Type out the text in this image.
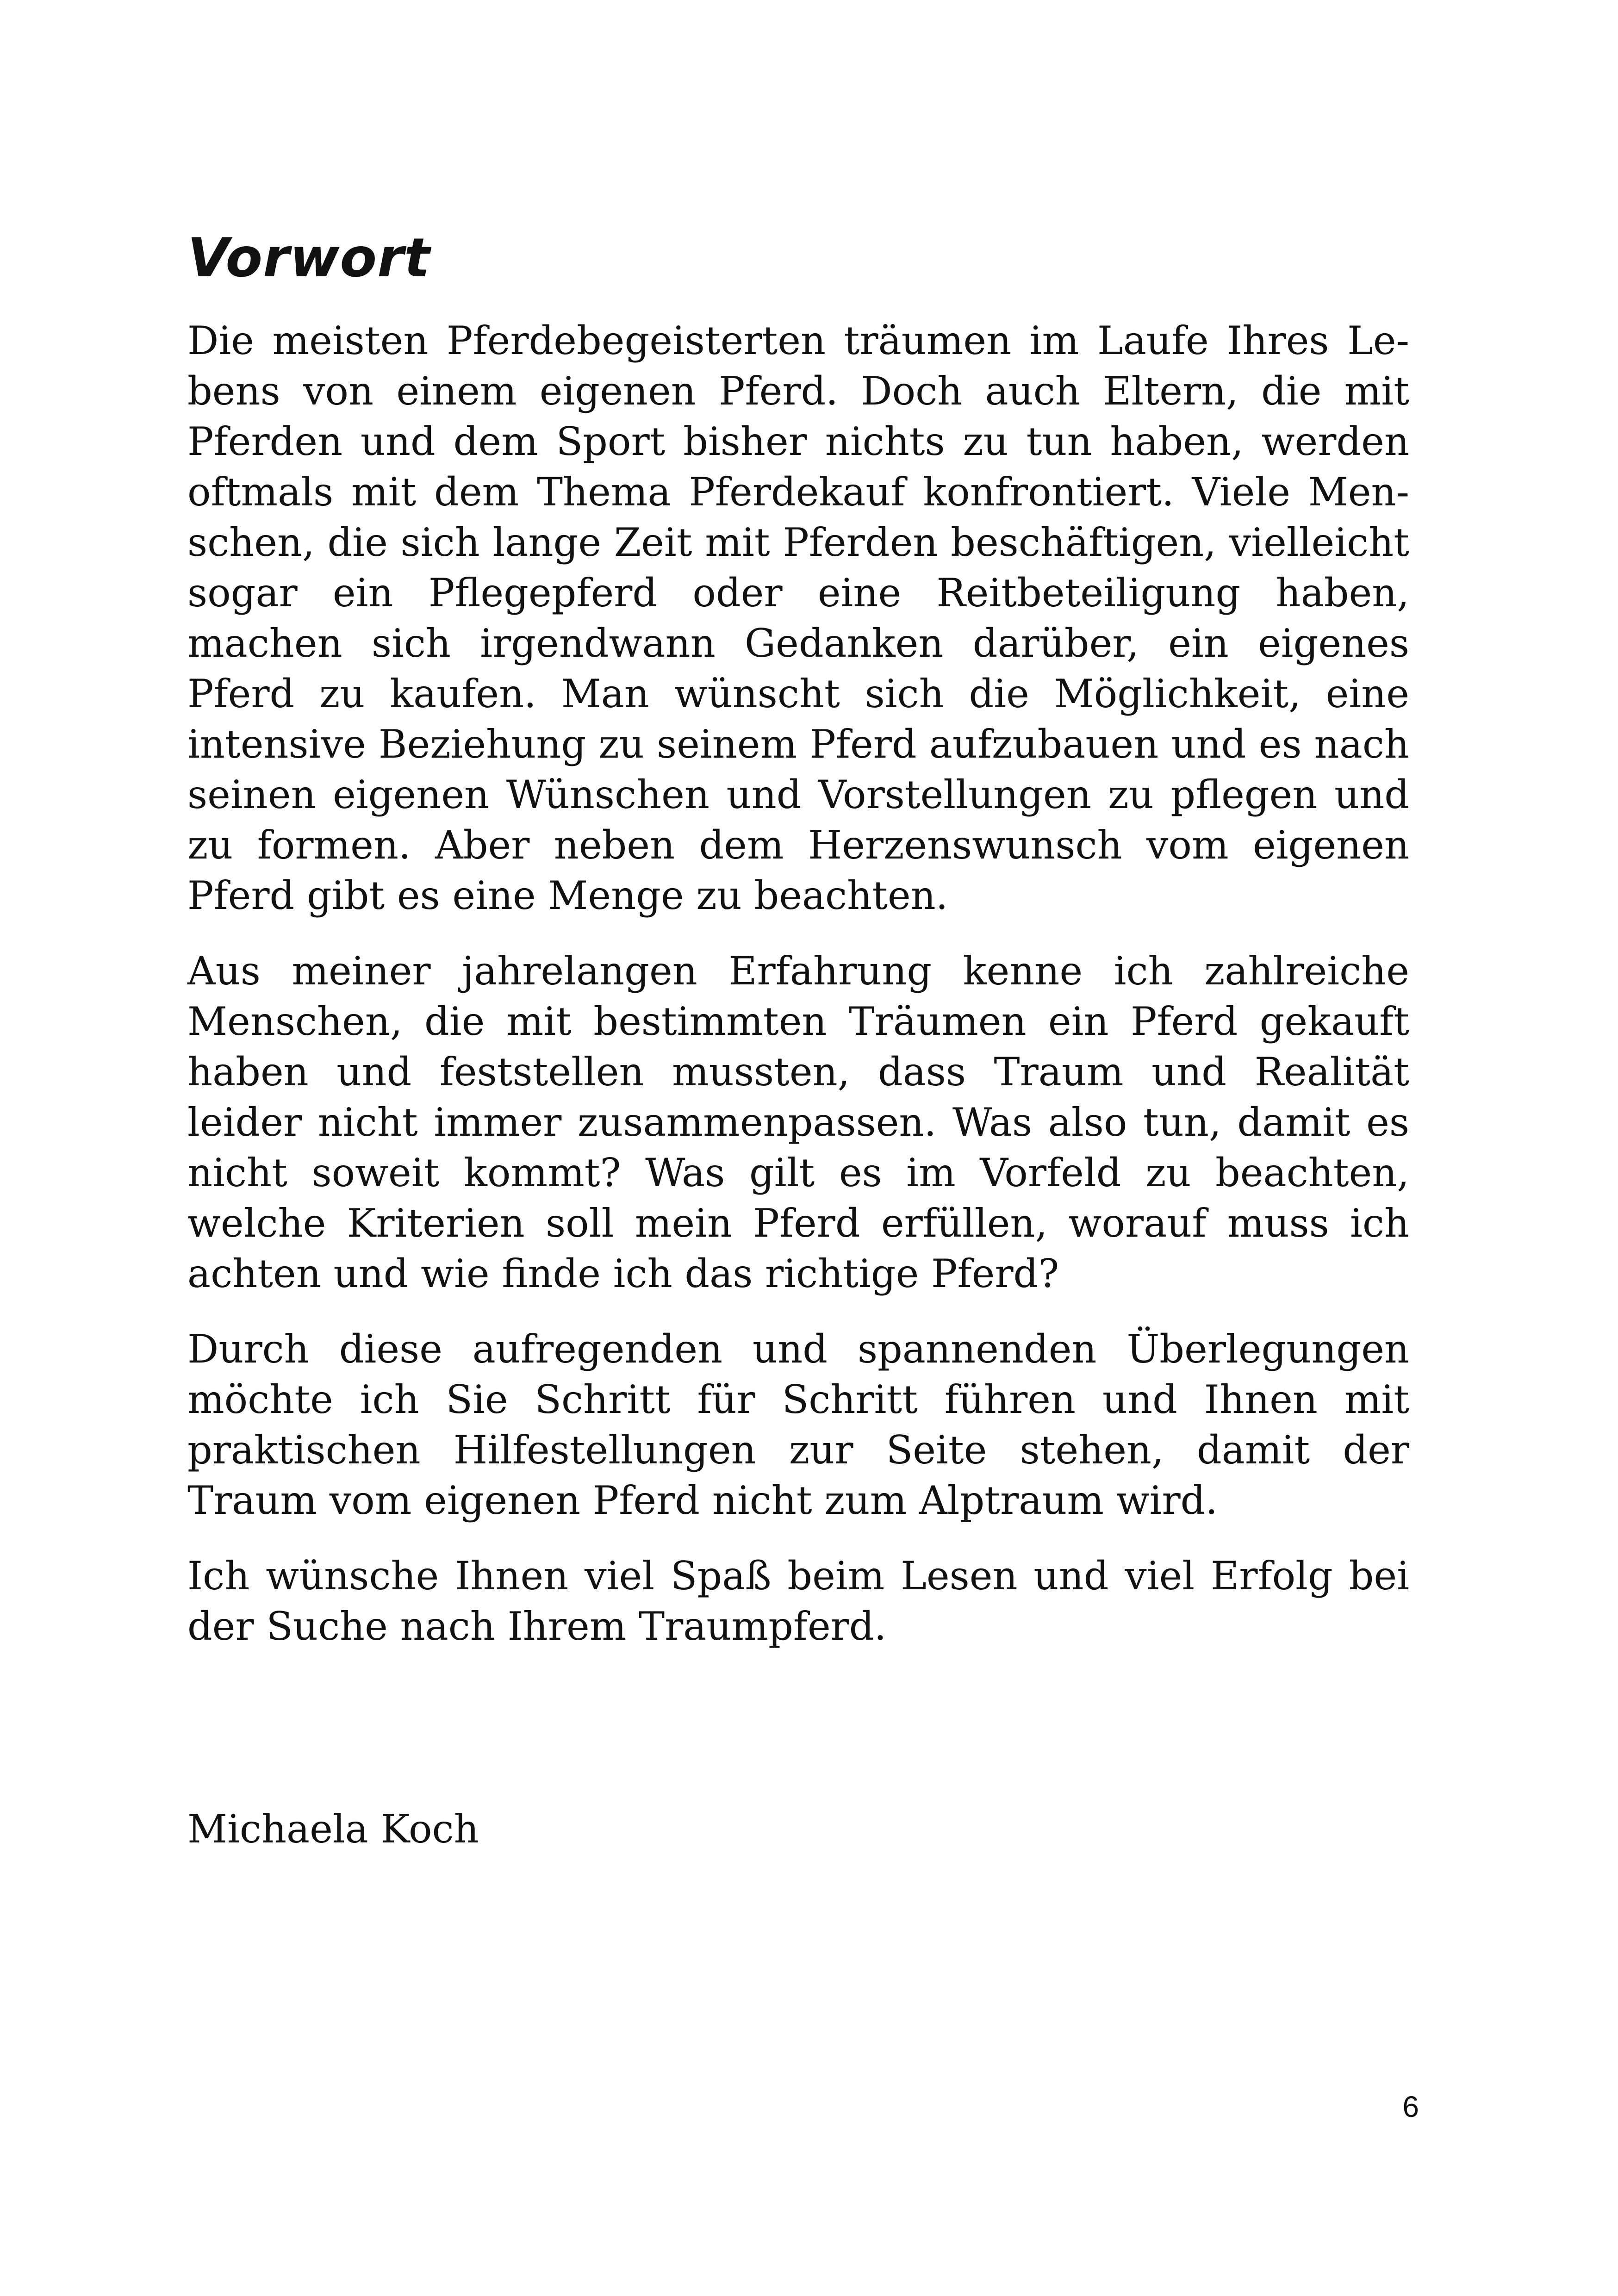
Vorwort

Die meisten Pferdebegeisterten träumen im Laufe Ihres Lebens von einem eigenen Pferd. Doch auch Eltern, die mit Pferden und dem Sport bisher nichts zu tun haben, werden oftmals mit dem Thema Pferdekauf konfrontiert. Viele Menschen, die sich lange Zeit mit Pferden beschäftigen, vielleicht sogar ein Pflegepferd oder eine Reitbeteiligung haben, machen sich irgendwann Gedanken darüber, ein eigenes Pferd zu kaufen. Man wünscht sich die Möglichkeit, eine intensive Beziehung zu seinem Pferd aufzubauen und es nach seinen eigenen Wünschen und Vorstellungen zu pflegen und zu formen. Aber neben dem Herzenswunsch vom eigenen Pferd gibt es eine Menge zu beachten.

Aus meiner jahrelangen Erfahrung kenne ich zahlreiche Menschen, die mit bestimmten Träumen ein Pferd gekauft haben und feststellen mussten, dass Traum und Realität leider nicht immer zusammenpassen. Was also tun, damit es nicht soweit kommt? Was gilt es im Vorfeld zu beachten, welche Kriterien soll mein Pferd erfüllen, worauf muss ich achten und wie finde ich das richtige Pferd?

Durch diese aufregenden und spannenden Überlegungen möchte ich Sie Schritt für Schritt führen und Ihnen mit praktischen Hilfestellungen zur Seite stehen, damit der Traum vom eigenen Pferd nicht zum Alptraum wird.

Ich wünsche Ihnen viel Spaß beim Lesen und viel Erfolg bei der Suche nach Ihrem Traumpferd.

Michaela Koch

6
